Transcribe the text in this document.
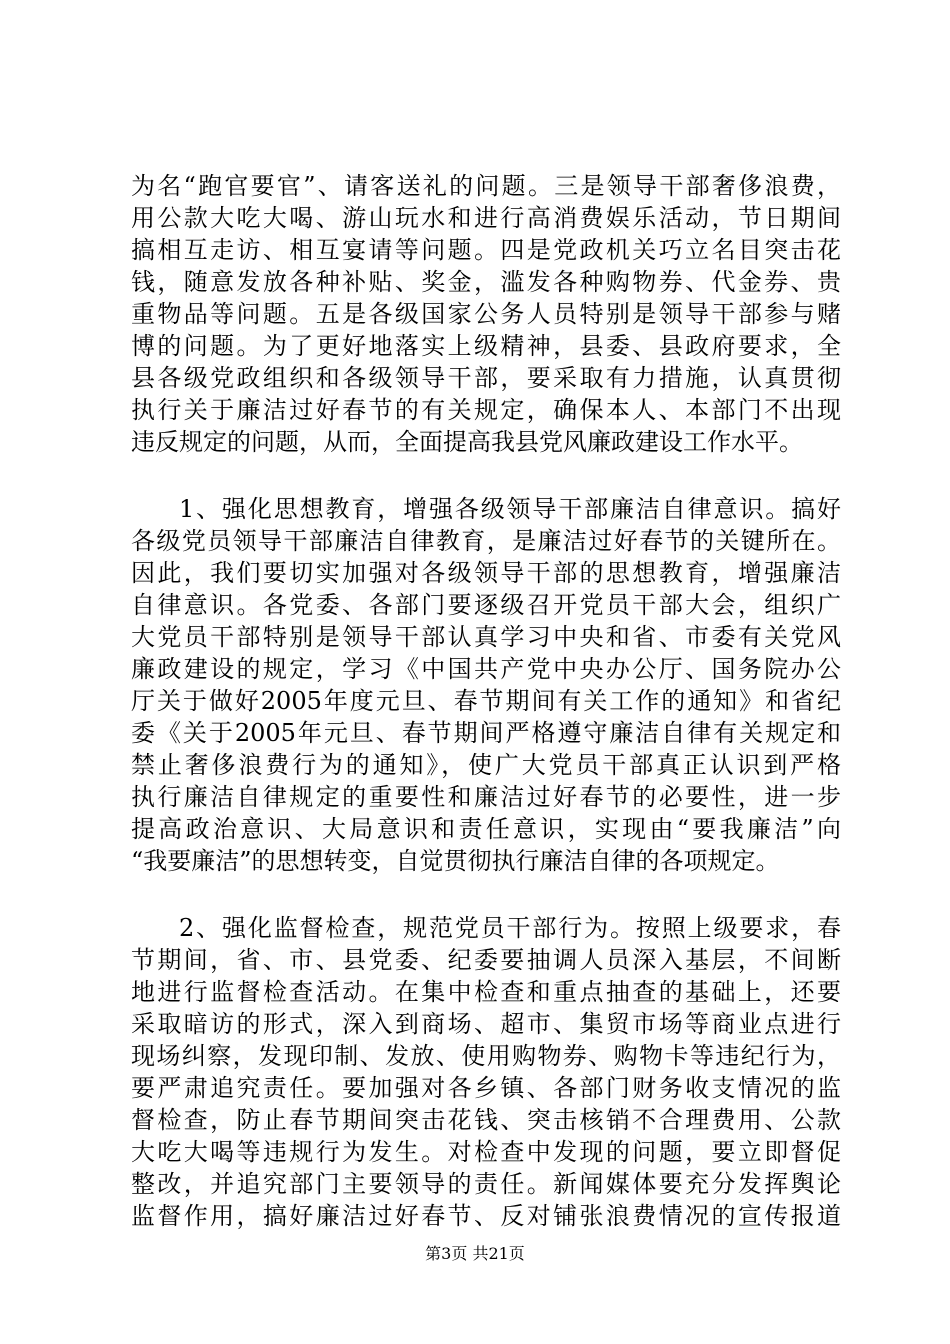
为名“跑官要官”、请客送礼的问题。三是领导干部奢侈浪费，
用公款大吃大喝、游山玩水和进行高消费娱乐活动，节日期间
搞相互走访、相互宴请等问题。四是党政机关巧立名目突击花
钱，随意发放各种补贴、奖金，滥发各种购物券、代金券、贵
重物品等问题。五是各级国家公务人员特别是领导干部参与赌
博的问题。为了更好地落实上级精神，县委、县政府要求，全
县各级党政组织和各级领导干部，要采取有力措施，认真贯彻
执行关于廉洁过好春节的有关规定，确保本人、本部门不出现
违反规定的问题，从而，全面提高我县党风廉政建设工作水平。
1、强化思想教育，增强各级领导干部廉洁自律意识。搞好
各级党员领导干部廉洁自律教育，是廉洁过好春节的关键所在。
因此，我们要切实加强对各级领导干部的思想教育，增强廉洁
自律意识。各党委、各部门要逐级召开党员干部大会，组织广
大党员干部特别是领导干部认真学习中央和省、市委有关党风
廉政建设的规定，学习《中国共产党中央办公厅、国务院办公
厅关于做好2005年度元旦、春节期间有关工作的通知》和省纪
委《关于2005年元旦、春节期间严格遵守廉洁自律有关规定和
禁止奢侈浪费行为的通知》，使广大党员干部真正认识到严格
执行廉洁自律规定的重要性和廉洁过好春节的必要性，进一步
提高政治意识、大局意识和责任意识，实现由“要我廉洁”向
“我要廉洁”的思想转变，自觉贯彻执行廉洁自律的各项规定。
2、强化监督检查，规范党员干部行为。按照上级要求，春
节期间，省、市、县党委、纪委要抽调人员深入基层，不间断
地进行监督检查活动。在集中检查和重点抽查的基础上，还要
采取暗访的形式，深入到商场、超市、集贸市场等商业点进行
现场纠察，发现印制、发放、使用购物券、购物卡等违纪行为，
要严肃追究责任。要加强对各乡镇、各部门财务收支情况的监
督检查，防止春节期间突击花钱、突击核销不合理费用、公款
大吃大喝等违规行为发生。对检查中发现的问题，要立即督促
整改，并追究部门主要领导的责任。新闻媒体要充分发挥舆论
监督作用，搞好廉洁过好春节、反对铺张浪费情况的宣传报道
第3页 共21页
